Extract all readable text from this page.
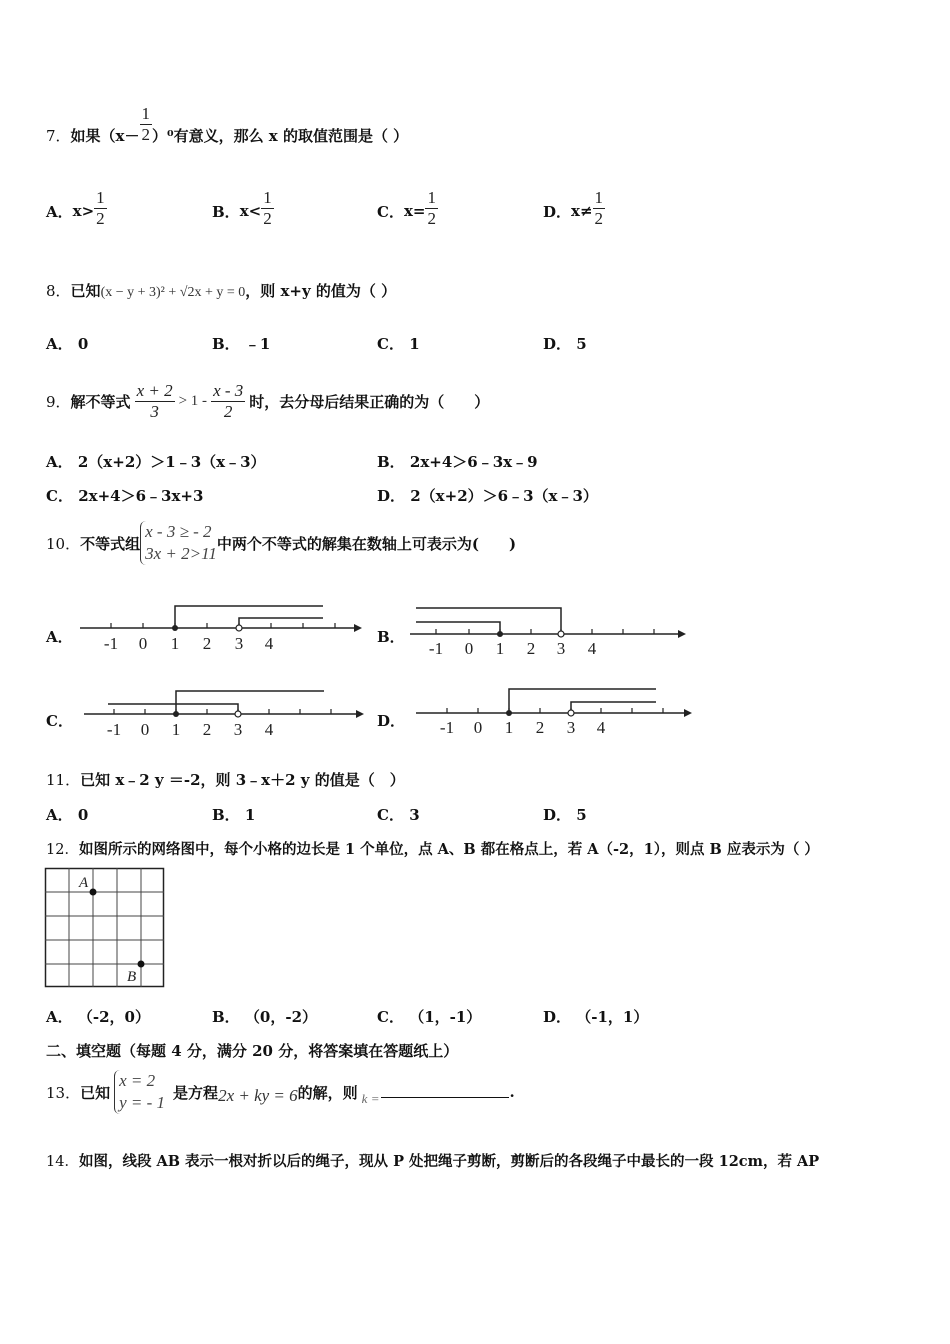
7． 如果$(x- \frac{1}{2} )^0$有意义，那么 x 的取值范围是（ ）
A． $x> \frac{1}{2}$	B． $x< \frac{1}{2}$	C． $x= \frac{1}{2}$	D． $x\ne \frac{1}{2}$
8．已知(x − y + 3)² + √2x + y = 0，则 x+y 的值为（ ）
A． 0	B． ﹣1	C． 1	D． 5
9． 解不等式 $\frac{x + 2}{3} > 1 - \frac{x - 3}{2}$ 时，去分母后结果正确的为（　　）
A． 2（x+2）＞1﹣3（x﹣3）	B． 2x+4＞6﹣3x﹣9
C． 2x+4＞6﹣3x+3	D． 2（x+2）＞6﹣3（x﹣3）
10． 不等式组
x - 3 ≥ - 2
3x + 2>11
中两个不等式的解集在数轴上可表示为(　　)
A．	B．
C．	D．
-1 0 1 2 3 4	-1 0 1 2 3 4
-1 0 1 2 3 4	-1 0 1 2 3 4
11．已知 x﹣2 y ＝-2，则 3﹣x＋2 y 的值是（　）
A． 0	B． 1	C． 3	D． 5
12．如图所示的网络图中，每个小格的边长是 1 个单位，点 A、B 都在格点上，若 A（-2，1），则点 B 应表示为（ ）
A
B
A． （-2，0）	B． （0，-2）	C． （1，-1）	D． （-1，1）
二、填空题（每题 4 分，满分 20 分，将答案填在答题纸上）
13． 已知
x = 2
y = - 1
是方程 2x + ky = 6 的解，则 k =	.
14．如图，线段 AB 表示一根对折以后的绳子，现从 P 处把绳子剪断，剪断后的各段绳子中最长的一段 12cm，若 AP
